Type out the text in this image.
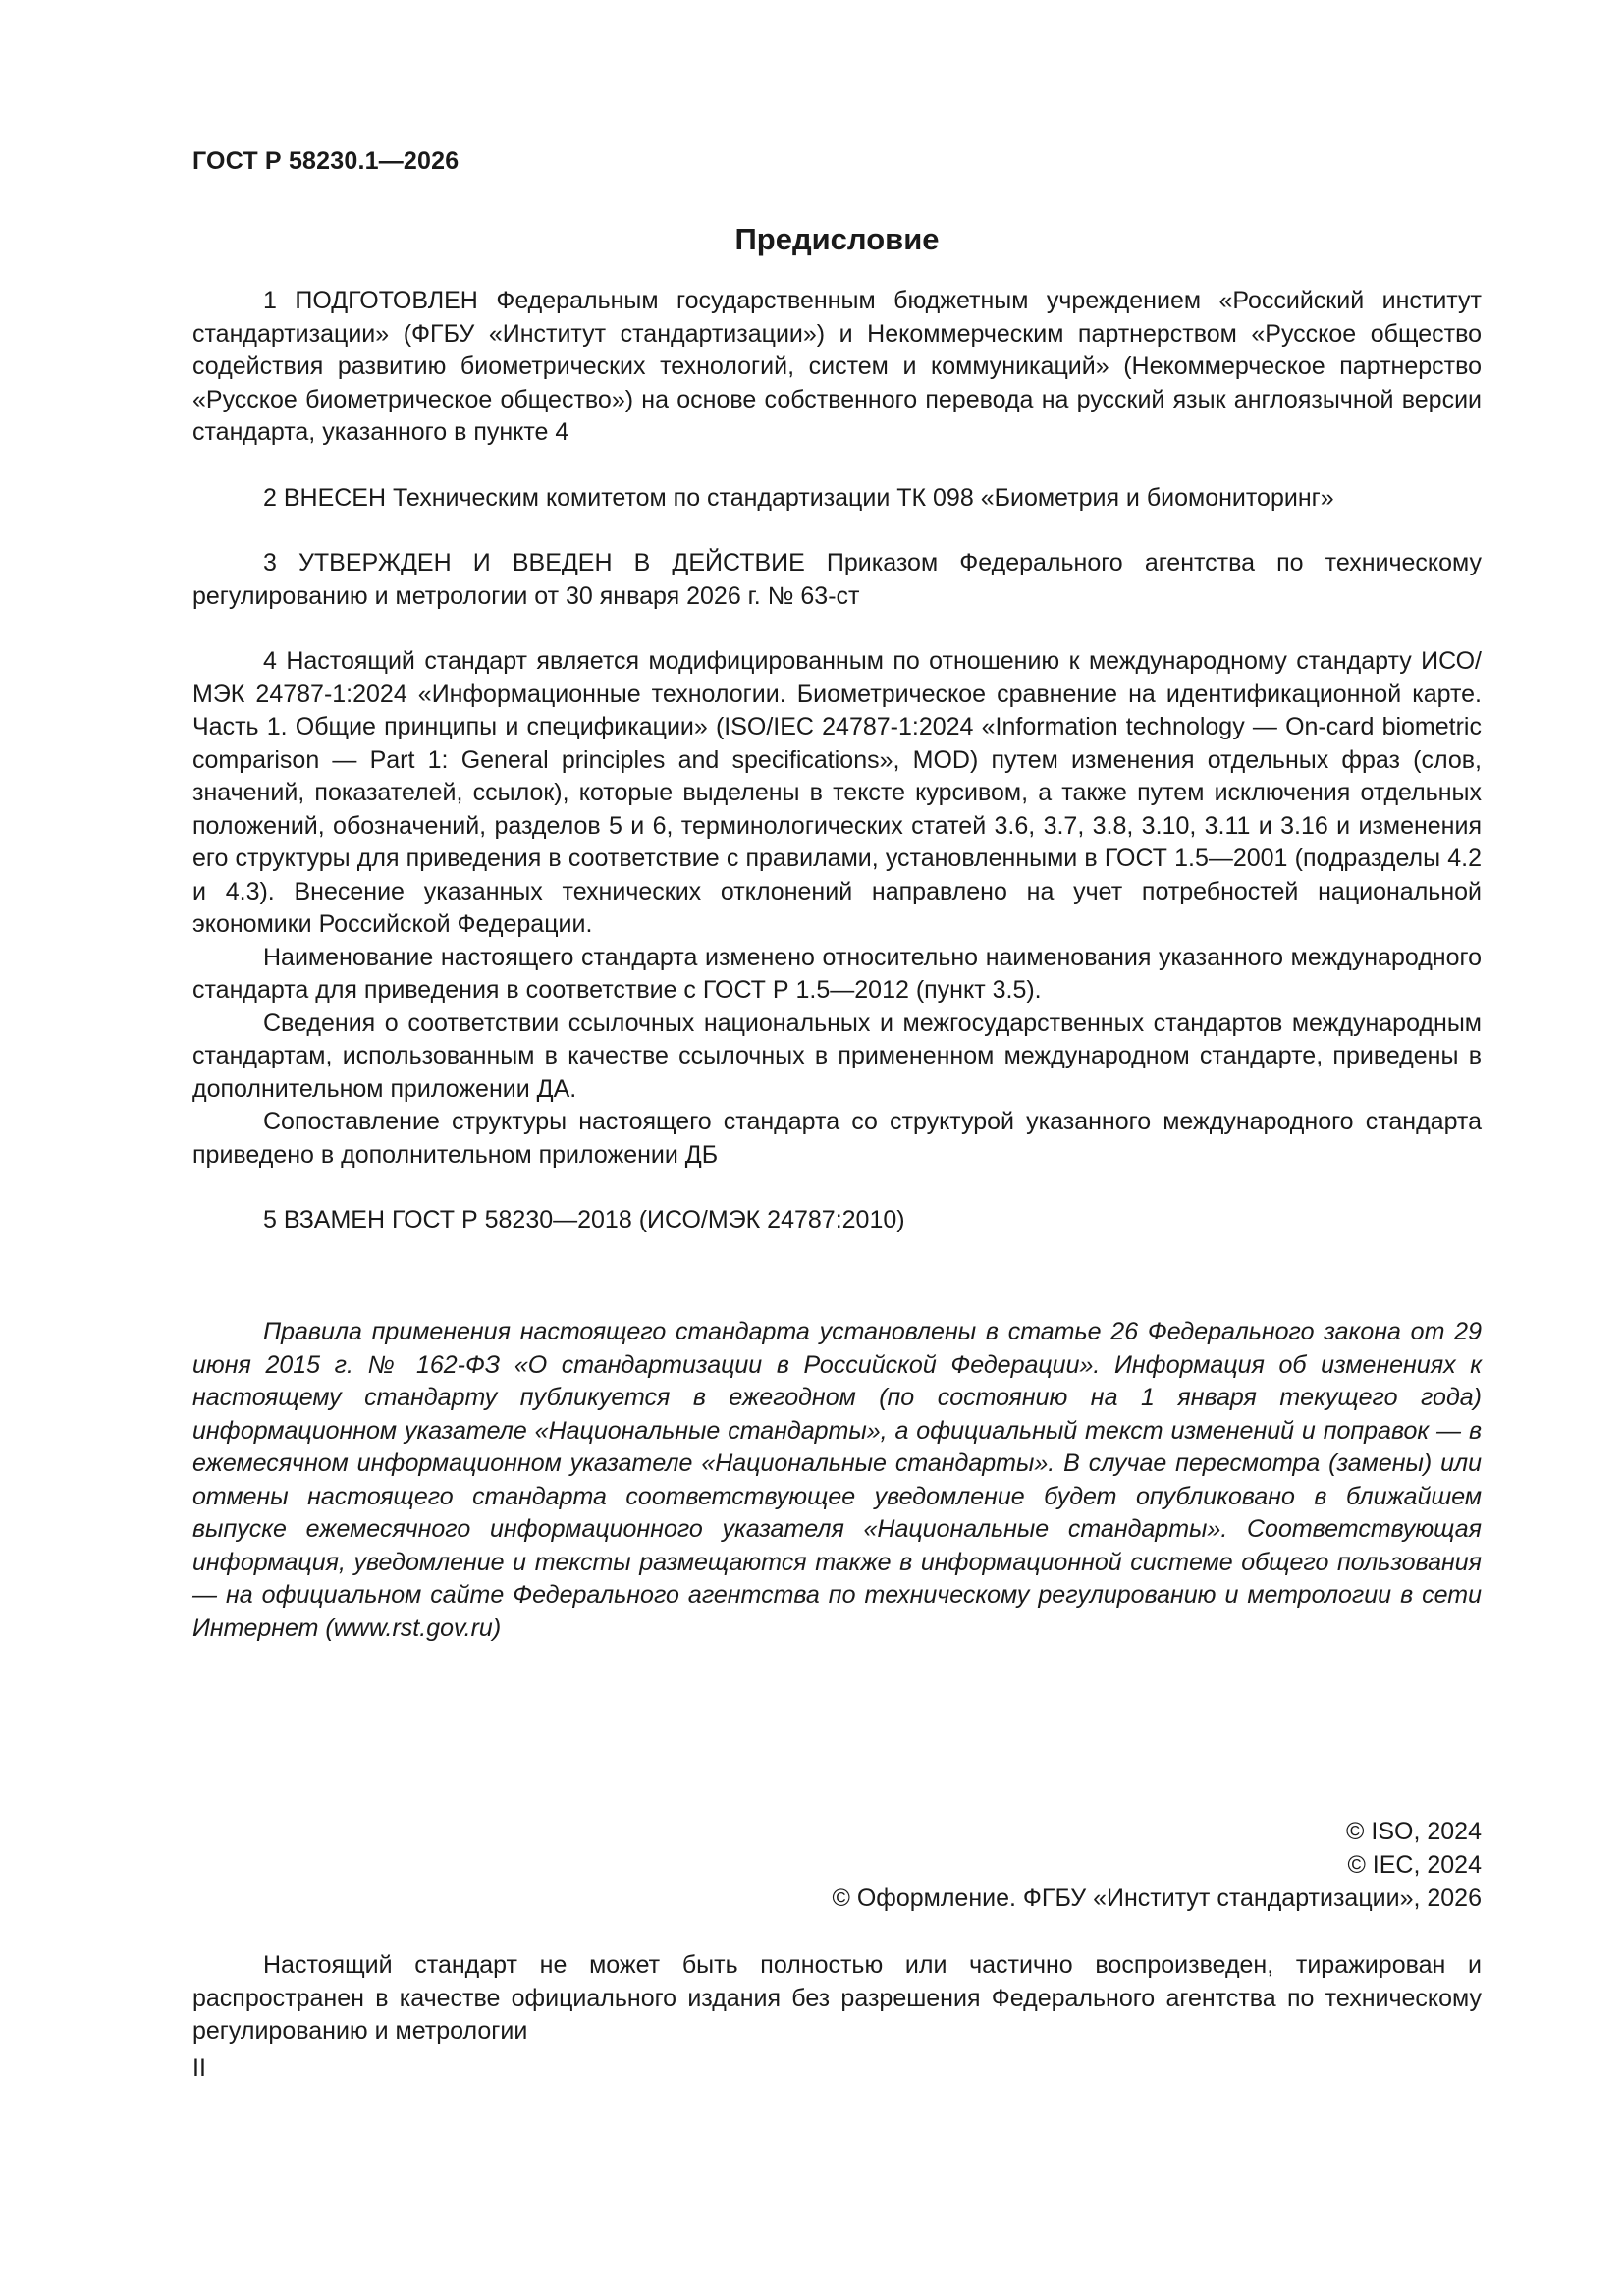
ГОСТ Р 58230.1—2026
Предисловие

1 ПОДГОТОВЛЕН Федеральным государственным бюджетным учреждением «Российский институт стандартизации» (ФГБУ «Институт стандартизации») и Некоммерческим партнерством «Русское общество содействия развитию биометрических технологий, систем и коммуникаций» (Некоммерческое партнерство «Русское биометрическое общество») на основе собственного перевода на русский язык англоязычной версии стандарта, указанного в пункте 4

2 ВНЕСЕН Техническим комитетом по стандартизации ТК 098 «Биометрия и биомониторинг»

3 УТВЕРЖДЕН И ВВЕДЕН В ДЕЙСТВИЕ Приказом Федерального агентства по техническому регулированию и метрологии от 30 января 2026 г. № 63-ст

4 Настоящий стандарт является модифицированным по отношению к международному стандарту ИСО/МЭК 24787-1:2024 «Информационные технологии. Биометрическое сравнение на идентификационной карте. Часть 1. Общие принципы и спецификации» (ISO/IEC 24787-1:2024 «Information technology — On-card biometric comparison — Part 1: General principles and specifications», MOD) путем изменения отдельных фраз (слов, значений, показателей, ссылок), которые выделены в тексте курсивом, а также путем исключения отдельных положений, обозначений, разделов 5 и 6, терминологических статей 3.6, 3.7, 3.8, 3.10, 3.11 и 3.16 и изменения его структуры для приведения в соответствие с правилами, установленными в ГОСТ 1.5—2001 (подразделы 4.2 и 4.3). Внесение указанных технических отклонений направлено на учет потребностей национальной экономики Российской Федерации.

Наименование настоящего стандарта изменено относительно наименования указанного международного стандарта для приведения в соответствие с ГОСТ Р 1.5—2012 (пункт 3.5).

Сведения о соответствии ссылочных национальных и межгосударственных стандартов международным стандартам, использованным в качестве ссылочных в примененном международном стандарте, приведены в дополнительном приложении ДА.

Сопоставление структуры настоящего стандарта со структурой указанного международного стандарта приведено в дополнительном приложении ДБ

5 ВЗАМЕН ГОСТ Р 58230—2018 (ИСО/МЭК 24787:2010)

Правила применения настоящего стандарта установлены в статье 26 Федерального закона от 29 июня 2015 г. № 162-ФЗ «О стандартизации в Российской Федерации». Информация об изменениях к настоящему стандарту публикуется в ежегодном (по состоянию на 1 января текущего года) информационном указателе «Национальные стандарты», а официальный текст изменений и поправок — в ежемесячном информационном указателе «Национальные стандарты». В случае пересмотра (замены) или отмены настоящего стандарта соответствующее уведомление будет опубликовано в ближайшем выпуске ежемесячного информационного указателя «Национальные стандарты». Соответствующая информация, уведомление и тексты размещаются также в информационной системе общего пользования — на официальном сайте Федерального агентства по техническому регулированию и метрологии в сети Интернет (www.rst.gov.ru)

© ISO, 2024
© IEC, 2024
© Оформление. ФГБУ «Институт стандартизации», 2026

Настоящий стандарт не может быть полностью или частично воспроизведен, тиражирован и распространен в качестве официального издания без разрешения Федерального агентства по техническому регулированию и метрологии

II
